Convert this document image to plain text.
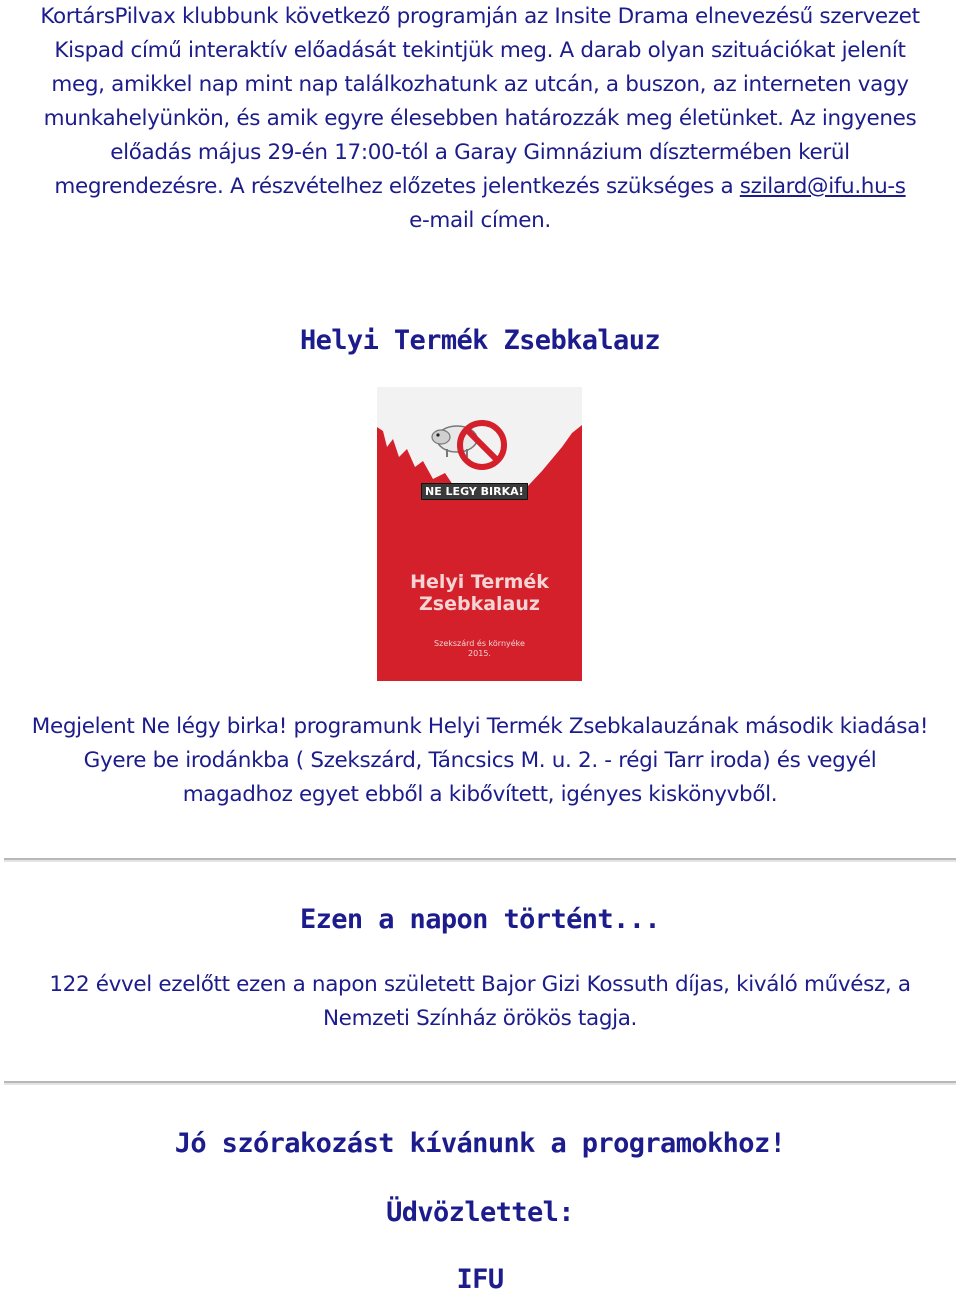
KortársPilvax klubbunk következő programján az Insite Drama elnevezésű szervezet

Kispad című interaktív előadását tekintjük meg. A darab olyan szituációkat jelenít

meg, amikkel nap mint nap találkozhatunk az utcán, a buszon, az interneten vagy

munkahelyünkön, és amik egyre élesebben határozzák meg életünket. Az ingyenes

előadás május 29-én 17:00-tól a Garay Gimnázium dísztermében kerül

megrendezésre. A részvételhez előzetes jelentkezés szükséges a szilard@ifu.hu-s

e-mail címen.

Helyi Termék Zsebkalauz
NE LEGY BIRKA!
Helyi Termék
Zsebkalauz
Szekszárd és környéke
2015.

Megjelent Ne légy birka! programunk Helyi Termék Zsebkalauzának második kiadása!

Gyere be irodánkba ( Szekszárd, Táncsics M. u. 2. - régi Tarr iroda) és vegyél

magadhoz egyet ebből a kibővített, igényes kiskönyvből.

Ezen a napon történt...

122 évvel ezelőtt ezen a napon született Bajor Gizi Kossuth díjas, kiváló művész, a

Nemzeti Színház örökös tagja.

Jó szórakozást kívánunk a programokhoz!
Üdvözlettel:
IFU
